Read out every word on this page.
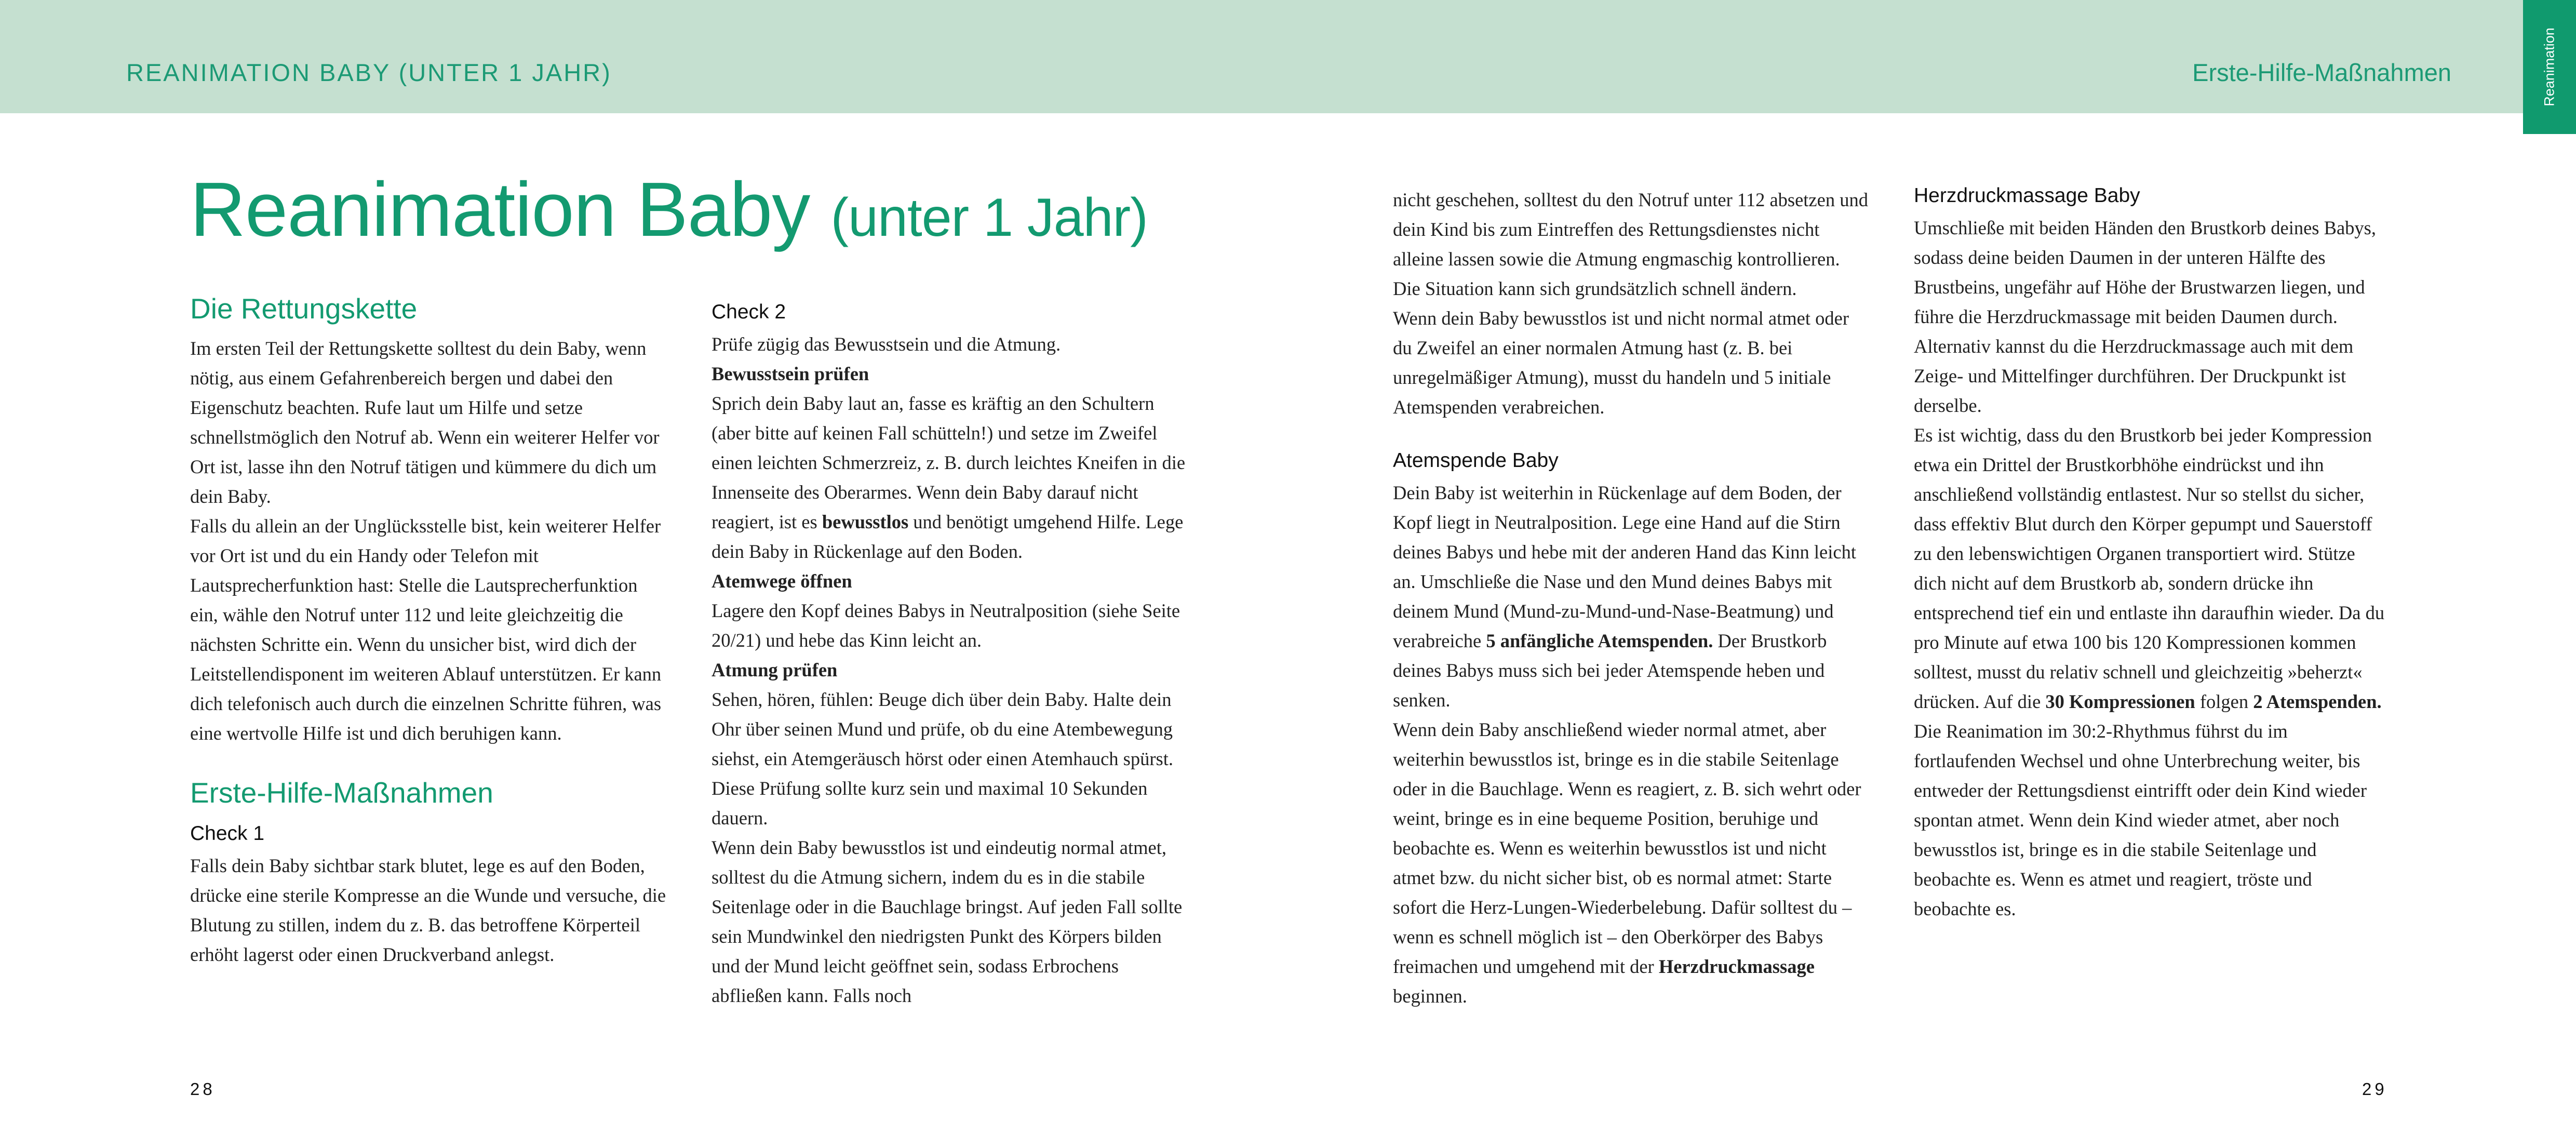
REANIMATION BABY (UNTER 1 JAHR)	Erste-Hilfe-Maßnahmen	Reanimation
Reanimation Baby (unter 1 Jahr)
Die Rettungskette

Im ersten Teil der Rettungskette solltest du dein Baby, wenn nötig, aus einem Gefahrenbereich bergen und dabei den Eigenschutz beachten. Rufe laut um Hilfe und setze schnellstmöglich den Notruf ab. Wenn ein weiterer Helfer vor Ort ist, lasse ihn den Notruf tätigen und kümmere du dich um dein Baby.

Falls du allein an der Unglücksstelle bist, kein weiterer Helfer vor Ort ist und du ein Handy oder Telefon mit Lautsprecherfunktion hast: Stelle die Lautsprecherfunktion ein, wähle den Notruf unter 112 und leite gleichzeitig die nächsten Schritte ein. Wenn du unsicher bist, wird dich der Leitstellendisponent im weiteren Ablauf unterstützen. Er kann dich telefonisch auch durch die einzelnen Schritte führen, was eine wertvolle Hilfe ist und dich beruhigen kann.

Erste-Hilfe-Maßnahmen
Check 1

Falls dein Baby sichtbar stark blutet, lege es auf den Boden, drücke eine sterile Kompresse an die Wunde und versuche, die Blutung zu stillen, indem du z. B. das betroffene Körperteil erhöht lagerst oder einen Druckverband anlegst.

Check 2

Prüfe zügig das Bewusstsein und die Atmung.

Bewusstsein prüfen

Sprich dein Baby laut an, fasse es kräftig an den Schultern (aber bitte auf keinen Fall schütteln!) und setze im Zweifel einen leichten Schmerzreiz, z. B. durch leichtes Kneifen in die Innenseite des Oberarmes. Wenn dein Baby darauf nicht reagiert, ist es bewusstlos und benötigt umgehend Hilfe. Lege dein Baby in Rückenlage auf den Boden.

Atemwege öffnen

Lagere den Kopf deines Babys in Neutralposition (siehe Seite 20/21) und hebe das Kinn leicht an.

Atmung prüfen

Sehen, hören, fühlen: Beuge dich über dein Baby. Halte dein Ohr über seinen Mund und prüfe, ob du eine Atembewegung siehst, ein Atemgeräusch hörst oder einen Atemhauch spürst. Diese Prüfung sollte kurz sein und maximal 10 Sekunden dauern.

Wenn dein Baby bewusstlos ist und eindeutig normal atmet, solltest du die Atmung sichern, indem du es in die stabile Seitenlage oder in die Bauchlage bringst. Auf jeden Fall sollte sein Mundwinkel den niedrigsten Punkt des Körpers bilden und der Mund leicht geöffnet sein, sodass Erbrochens abfließen kann. Falls noch

nicht geschehen, solltest du den Notruf unter 112 absetzen und dein Kind bis zum Eintreffen des Rettungsdienstes nicht alleine lassen sowie die Atmung engmaschig kontrollieren. Die Situation kann sich grundsätzlich schnell ändern.

Wenn dein Baby bewusstlos ist und nicht normal atmet oder du Zweifel an einer normalen Atmung hast (z. B. bei unregelmäßiger Atmung), musst du handeln und 5 initiale Atemspenden verabreichen.

Atemspende Baby

Dein Baby ist weiterhin in Rückenlage auf dem Boden, der Kopf liegt in Neutralposition. Lege eine Hand auf die Stirn deines Babys und hebe mit der anderen Hand das Kinn leicht an. Umschließe die Nase und den Mund deines Babys mit deinem Mund (Mund-zu-Mund-und-Nase-Beatmung) und verabreiche 5 anfängliche Atemspenden. Der Brustkorb deines Babys muss sich bei jeder Atemspende heben und senken.

Wenn dein Baby anschließend wieder normal atmet, aber weiterhin bewusstlos ist, bringe es in die stabile Seitenlage oder in die Bauchlage. Wenn es reagiert, z. B. sich wehrt oder weint, bringe es in eine bequeme Position, beruhige und beobachte es. Wenn es weiterhin bewusstlos ist und nicht atmet bzw. du nicht sicher bist, ob es normal atmet: Starte sofort die Herz-Lungen-Wiederbelebung. Dafür solltest du – wenn es schnell möglich ist – den Oberkörper des Babys freimachen und umgehend mit der Herzdruckmassage beginnen.

Herzdruckmassage Baby

Umschließe mit beiden Händen den Brustkorb deines Babys, sodass deine beiden Daumen in der unteren Hälfte des Brustbeins, ungefähr auf Höhe der Brustwarzen liegen, und führe die Herzdruckmassage mit beiden Daumen durch. Alternativ kannst du die Herzdruckmassage auch mit dem Zeige- und Mittelfinger durchführen. Der Druckpunkt ist derselbe.

Es ist wichtig, dass du den Brustkorb bei jeder Kompression etwa ein Drittel der Brustkorbhöhe eindrückst und ihn anschließend vollständig entlastest. Nur so stellst du sicher, dass effektiv Blut durch den Körper gepumpt und Sauerstoff zu den lebenswichtigen Organen transportiert wird. Stütze dich nicht auf dem Brustkorb ab, sondern drücke ihn entsprechend tief ein und entlaste ihn daraufhin wieder. Da du pro Minute auf etwa 100 bis 120 Kompressionen kommen solltest, musst du relativ schnell und gleichzeitig »beherzt« drücken. Auf die 30 Kompressionen folgen 2 Atemspenden. Die Reanimation im 30:2-Rhythmus führst du im fortlaufenden Wechsel und ohne Unterbrechung weiter, bis entweder der Rettungsdienst eintrifft oder dein Kind wieder spontan atmet. Wenn dein Kind wieder atmet, aber noch bewusstlos ist, bringe es in die stabile Seitenlage und beobachte es. Wenn es atmet und reagiert, tröste und beobachte es.

28	29
